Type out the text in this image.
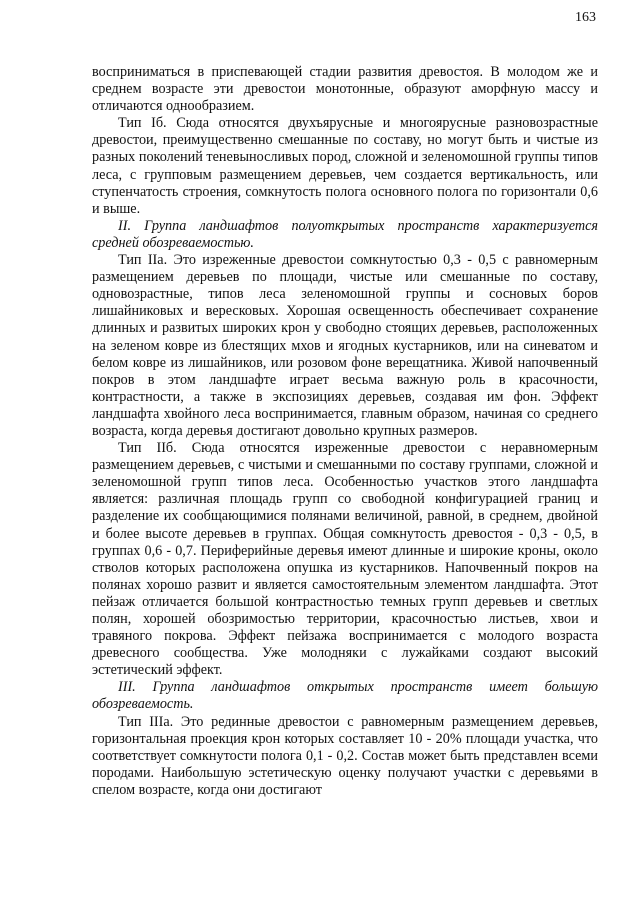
163

восприниматься в приспевающей стадии развития древостоя. В молодом же и среднем возрасте эти древостои монотонные, образуют аморфную массу и отличаются однообразием.

Тип Iб. Сюда относятся двухъярусные и многоярусные разновозрастные древостои, преимущественно смешанные по составу, но могут быть и чистые из разных поколений теневыносливых пород, сложной и зеленомошной группы типов леса, с групповым размещением деревьев, чем создается вертикальность, или ступенчатость строения, сомкнутость полога основного полога по горизонтали 0,6 и выше.

II. Группа ландшафтов полуоткрытых пространств характеризуется средней обозреваемостью.

Тип IIа. Это изреженные древостои сомкнутостью 0,3 - 0,5 с равномерным размещением деревьев по площади, чистые или смешанные по составу, одновозрастные, типов леса зеленомошной группы и сосновых боров лишайниковых и вересковых. Хорошая освещенность обеспечивает сохранение длинных и развитых широких крон у свободно стоящих деревьев, расположенных на зеленом ковре из блестящих мхов и ягодных кустарников, или на синеватом и белом ковре из лишайников, или розовом фоне верещатника. Живой напочвенный покров в этом ландшафте играет весьма важную роль в красочности, контрастности, а также в экспозициях деревьев, создавая им фон. Эффект ландшафта хвойного леса воспринимается, главным образом, начиная со среднего возраста, когда деревья достигают довольно крупных размеров.

Тип IIб. Сюда относятся изреженные древостои с неравномерным размещением деревьев, с чистыми и смешанными по составу группами, сложной и зеленомошной групп типов леса. Особенностью участков этого ландшафта является: различная площадь групп со свободной конфигурацией границ и разделение их сообщающимися полянами величиной, равной, в среднем, двойной и более высоте деревьев в группах. Общая сомкнутость древостоя - 0,3 - 0,5, в группах 0,6 - 0,7. Периферийные деревья имеют длинные и широкие кроны, около стволов которых расположена опушка из кустарников. Напочвенный покров на полянах хорошо развит и является самостоятельным элементом ландшафта. Этот пейзаж отличается большой контрастностью темных групп деревьев и светлых полян, хорошей обозримостью территории, красочностью листьев, хвои и травяного покрова. Эффект пейзажа воспринимается с молодого возраста древесного сообщества. Уже молодняки с лужайками создают высокий эстетический эффект.

III. Группа ландшафтов открытых пространств имеет большую обозреваемость.

Тип IIIа. Это рединные древостои с равномерным размещением деревьев, горизонтальная проекция крон которых составляет 10 - 20% площади участка, что соответствует сомкнутости полога 0,1 - 0,2. Состав может быть представлен всеми породами. Наибольшую эстетическую оценку получают участки с деревьями в спелом возрасте, когда они достигают
